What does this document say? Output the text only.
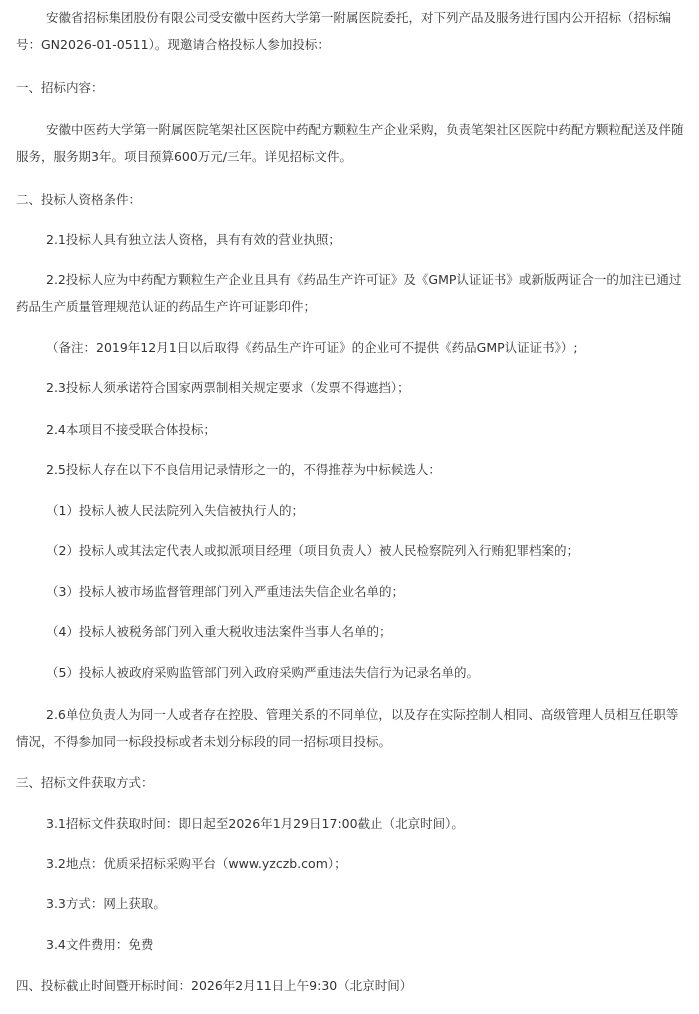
安徽省招标集团股份有限公司受安徽中医药大学第一附属医院委托，对下列产品及服务进行国内公开招标（招标编号：GN2026-01-0511）。现邀请合格投标人参加投标：

一、招标内容：

安徽中医药大学第一附属医院笔架社区医院中药配方颗粒生产企业采购，负责笔架社区医院中药配方颗粒配送及伴随服务，服务期3年。项目预算600万元/三年。详见招标文件。

二、投标人资格条件：

2.1投标人具有独立法人资格，具有有效的营业执照；

2.2投标人应为中药配方颗粒生产企业且具有《药品生产许可证》及《GMP认证证书》或新版两证合一的加注已通过药品生产质量管理规范认证的药品生产许可证影印件；

（备注：2019年12月1日以后取得《药品生产许可证》的企业可不提供《药品GMP认证证书》）;

2.3投标人须承诺符合国家两票制相关规定要求（发票不得遮挡）；

2.4本项目不接受联合体投标；

2.5投标人存在以下不良信用记录情形之一的，不得推荐为中标候选人：

（1）投标人被人民法院列入失信被执行人的；

（2）投标人或其法定代表人或拟派项目经理（项目负责人）被人民检察院列入行贿犯罪档案的；

（3）投标人被市场监督管理部门列入严重违法失信企业名单的；

（4）投标人被税务部门列入重大税收违法案件当事人名单的；

（5）投标人被政府采购监管部门列入政府采购严重违法失信行为记录名单的。

2.6单位负责人为同一人或者存在控股、管理关系的不同单位，以及存在实际控制人相同、高级管理人员相互任职等情况，不得参加同一标段投标或者未划分标段的同一招标项目投标。

三、招标文件获取方式：

3.1招标文件获取时间：即日起至2026年1月29日17:00截止（北京时间）。

3.2地点：优质采招标采购平台（www.yzczb.com）；

3.3方式：网上获取。

3.4文件费用：免费

四、投标截止时间暨开标时间：2026年2月11日上午9:30（北京时间）
